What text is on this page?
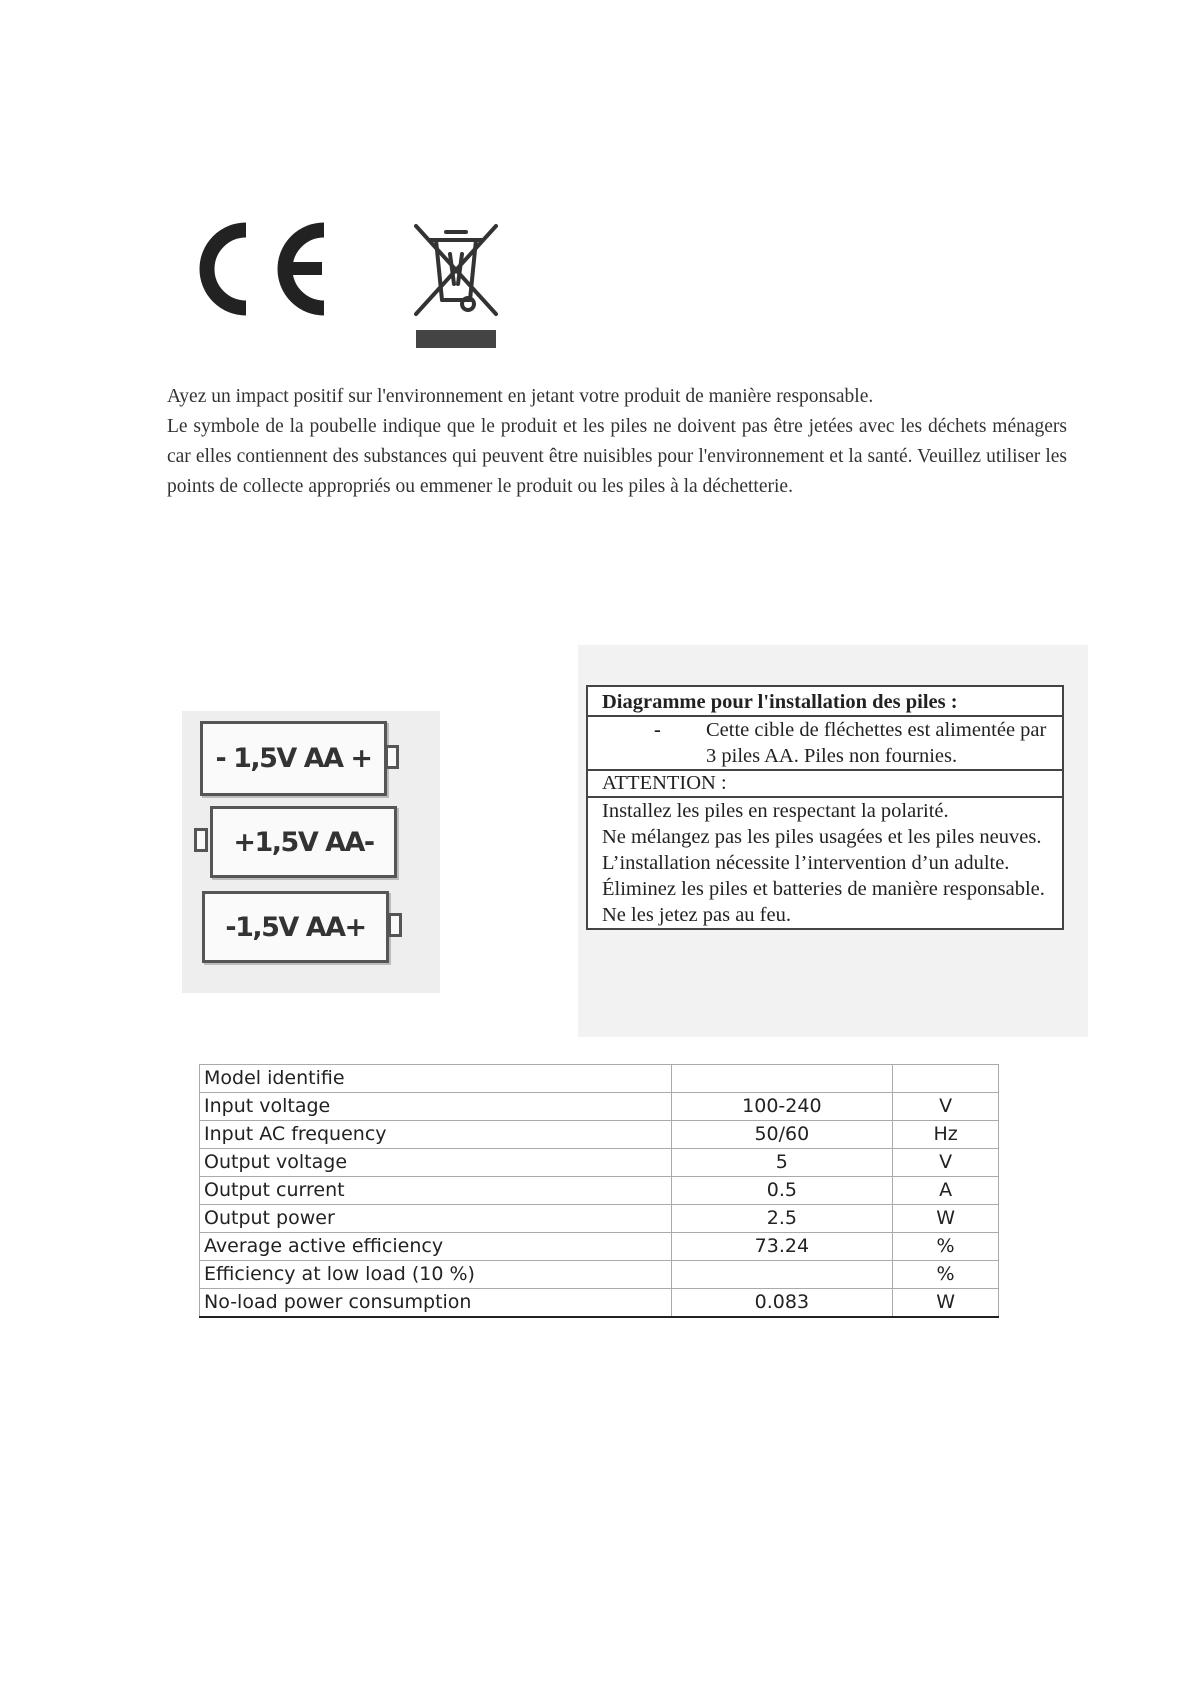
Ayez un impact positif sur l'environnement en jetant votre produit de manière responsable.

Le symbole de la poubelle indique que le produit et les piles ne doivent pas être jetées avec les déchets ménagers car elles contiennent des substances qui peuvent être nuisibles pour l'environnement et la santé. Veuillez utiliser les points de collecte appropriés ou emmener le produit ou les piles à la déchetterie.

- 1,5V AA +
+1,5V AA-
-1,5V AA+
Diagramme pour l'installation des piles :
-	Cette cible de fléchettes est alimentée par 3 piles AA. Piles non fournies.
ATTENTION :
Installez les piles en respectant la polarité.
Ne mélangez pas les piles usagées et les piles neuves.
L’installation nécessite l’intervention d’un adulte.
Éliminez les piles et batteries de manière responsable.
Ne les jetez pas au feu.
Model identifie		
Input voltage	100-240	V
Input AC frequency	50/60	Hz
Output voltage	5	V
Output current	0.5	A
Output power	2.5	W
Average active efficiency	73.24	%
Efficiency at low load (10 %)		%
No-load power consumption	0.083	W
